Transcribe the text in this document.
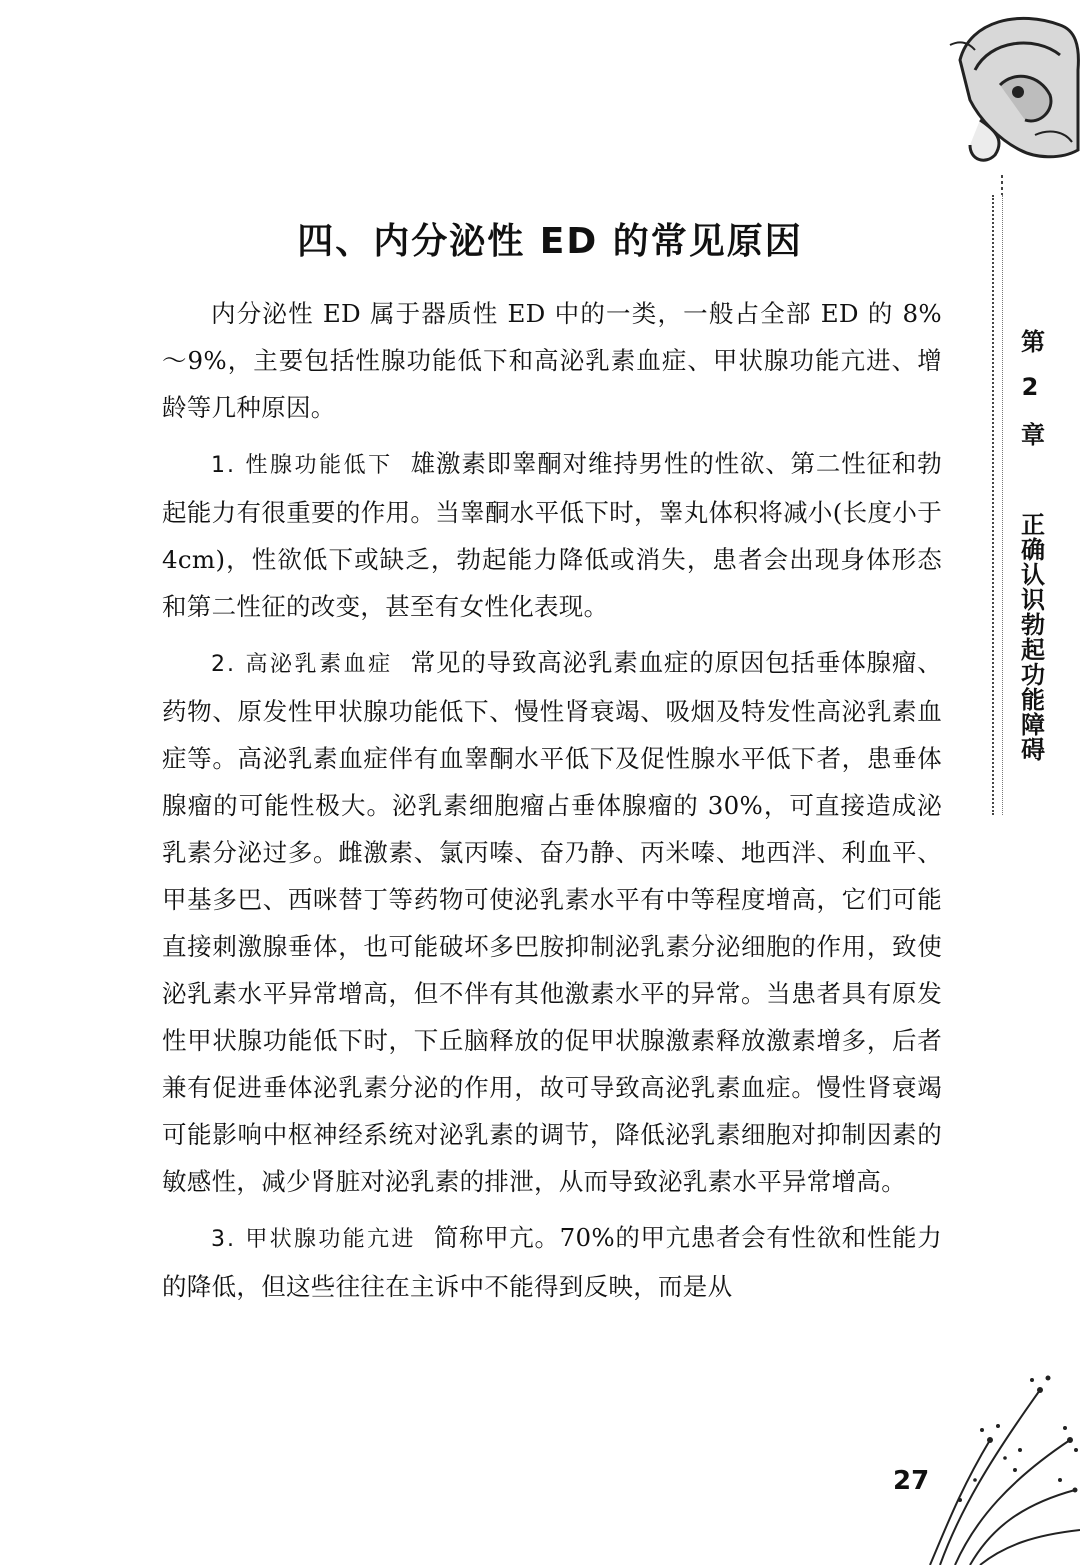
第
2
章
正确认识勃起功能障碍
四、内分泌性 ED 的常见原因

内分泌性 ED 属于器质性 ED 中的一类，一般占全部 ED 的 8%～9%，主要包括性腺功能低下和高泌乳素血症、甲状腺功能亢进、增龄等几种原因。

1. 性腺功能低下 雄激素即睾酮对维持男性的性欲、第二性征和勃起能力有很重要的作用。当睾酮水平低下时，睾丸体积将减小(长度小于 4cm)，性欲低下或缺乏，勃起能力降低或消失，患者会出现身体形态和第二性征的改变，甚至有女性化表现。

2. 高泌乳素血症 常见的导致高泌乳素血症的原因包括垂体腺瘤、药物、原发性甲状腺功能低下、慢性肾衰竭、吸烟及特发性高泌乳素血症等。高泌乳素血症伴有血睾酮水平低下及促性腺水平低下者，患垂体腺瘤的可能性极大。泌乳素细胞瘤占垂体腺瘤的 30%，可直接造成泌乳素分泌过多。雌激素、氯丙嗪、奋乃静、丙米嗪、地西泮、利血平、甲基多巴、西咪替丁等药物可使泌乳素水平有中等程度增高，它们可能直接刺激腺垂体，也可能破坏多巴胺抑制泌乳素分泌细胞的作用，致使泌乳素水平异常增高，但不伴有其他激素水平的异常。当患者具有原发性甲状腺功能低下时，下丘脑释放的促甲状腺激素释放激素增多，后者兼有促进垂体泌乳素分泌的作用，故可导致高泌乳素血症。慢性肾衰竭可能影响中枢神经系统对泌乳素的调节，降低泌乳素细胞对抑制因素的敏感性，减少肾脏对泌乳素的排泄，从而导致泌乳素水平异常增高。

3. 甲状腺功能亢进 简称甲亢。70%的甲亢患者会有性欲和性能力的降低，但这些往往在主诉中不能得到反映，而是从

27
